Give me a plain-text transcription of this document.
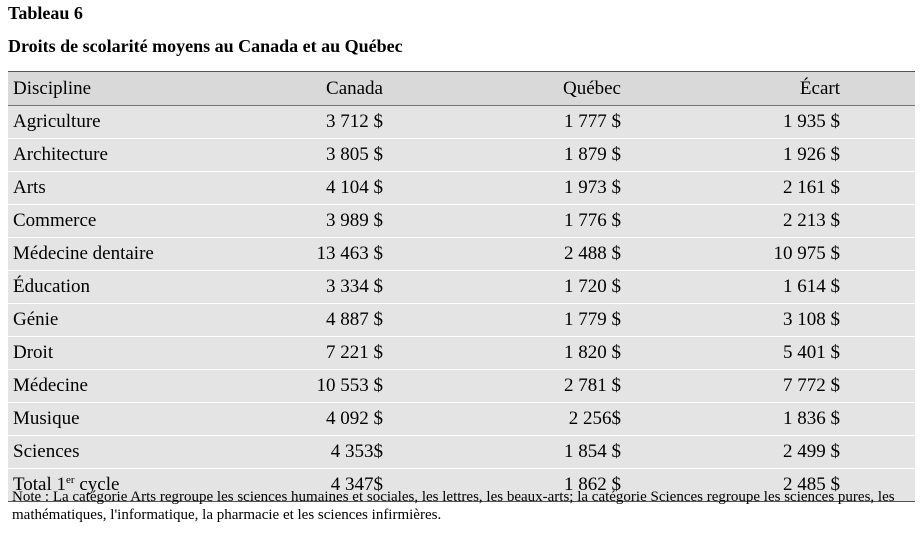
Tableau 6
Droits de scolarité moyens au Canada et au Québec
Discipline	Canada	Québec	Écart	
Agriculture	3 712 $	1 777 $	1 935 $	
Architecture	3 805 $	1 879 $	1 926 $	
Arts	4 104 $	1 973 $	2 161 $	
Commerce	3 989 $	1 776 $	2 213 $	
Médecine dentaire	13 463 $	2 488 $	10 975 $	
Éducation	3 334 $	1 720 $	1 614 $	
Génie	4 887 $	1 779 $	3 108 $	
Droit	7 221 $	1 820 $	5 401 $	
Médecine	10 553 $	2 781 $	7 772 $	
Musique	4 092 $	2 256$	1 836 $	
Sciences	4 353$	1 854 $	2 499 $	
Total 1er cycle	4 347$	1 862 $	2 485 $	
Note : La catégorie Arts regroupe les sciences humaines et sociales, les lettres, les beaux-arts; la catégorie Sciences regroupe les sciences pures, les mathématiques, l'informatique, la pharmacie et les sciences infirmières.
